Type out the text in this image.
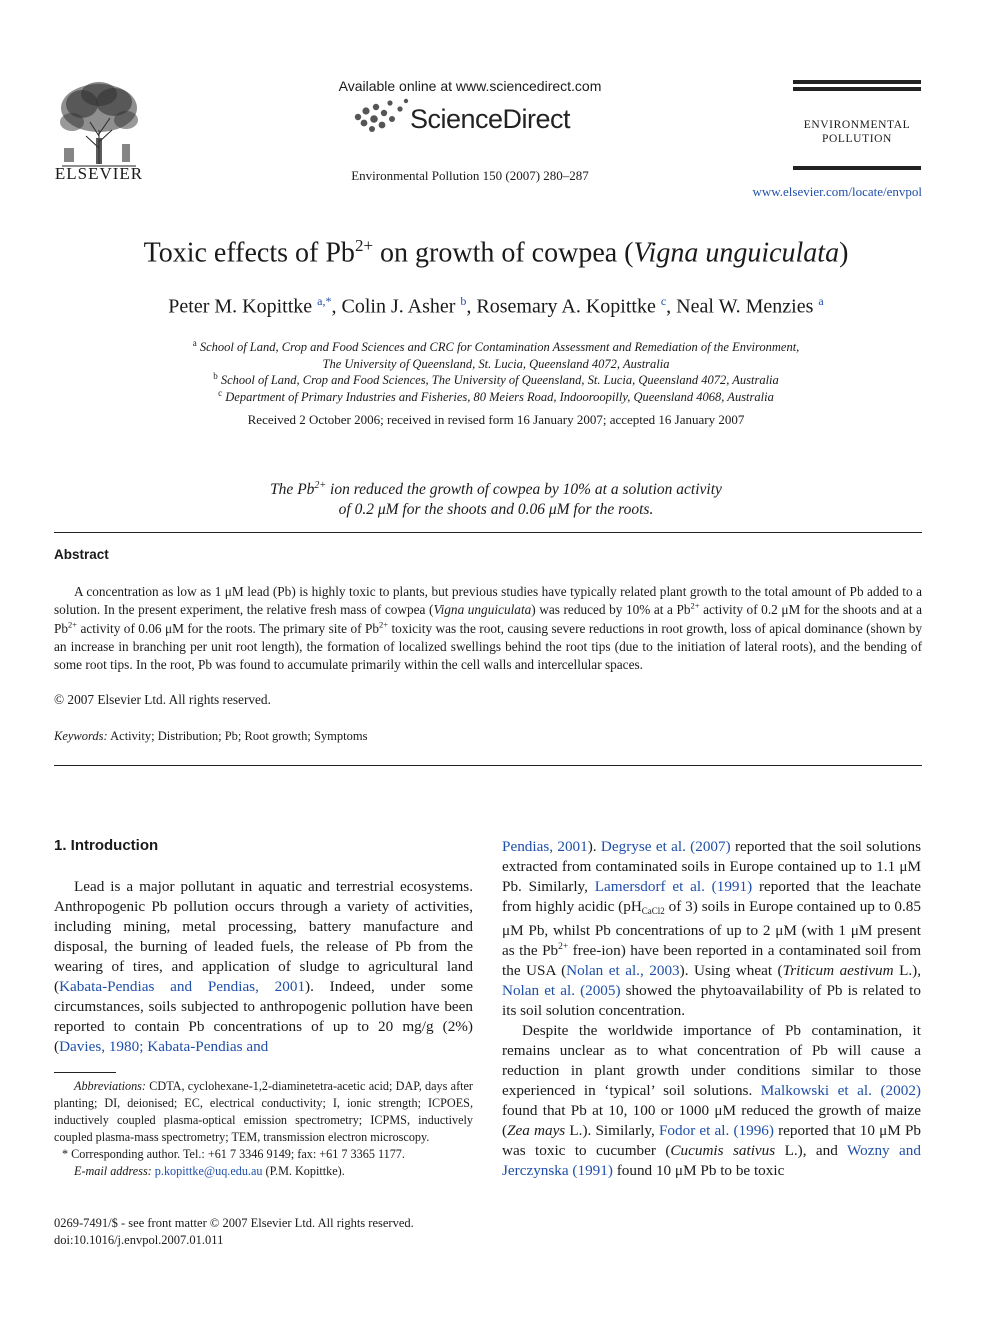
ELSEVIER
Available online at www.sciencedirect.com
ScienceDirect
Environmental Pollution 150 (2007) 280–287
ENVIRONMENTAL
POLLUTION
www.elsevier.com/locate/envpol
Toxic effects of $Pb^{2+}$ on growth of cowpea (Vigna unguiculata)
Peter M. Kopittke $^{a,*}$, Colin J. Asher $^b$, Rosemary A. Kopittke $^c$, Neal W. Menzies $^a$
$^a$ School of Land, Crop and Food Sciences and CRC for Contamination Assessment and Remediation of the Environment,
The University of Queensland, St. Lucia, Queensland 4072, Australia
$^b$ School of Land, Crop and Food Sciences, The University of Queensland, St. Lucia, Queensland 4072, Australia
$^c$ Department of Primary Industries and Fisheries, 80 Meiers Road, Indooroopilly, Queensland 4068, Australia
Received 2 October 2006; received in revised form 16 January 2007; accepted 16 January 2007
The $Pb^{2+}$ ion reduced the growth of cowpea by 10% at a solution activity
of 0.2 μM for the shoots and 0.06 μM for the roots.
Abstract
A concentration as low as 1 μM lead (Pb) is highly toxic to plants, but previous studies have typically related plant growth to the total amount of Pb added to a solution. In the present experiment, the relative fresh mass of cowpea (Vigna unguiculata) was reduced by 10% at a $Pb^{2+}$ activity of 0.2 μM for the shoots and at a $Pb^{2+}$ activity of 0.06 μM for the roots. The primary site of $Pb^{2+}$ toxicity was the root, causing severe reductions in root growth, loss of apical dominance (shown by an increase in branching per unit root length), the formation of localized swellings behind the root tips (due to the initiation of lateral roots), and the bending of some root tips. In the root, Pb was found to accumulate primarily within the cell walls and intercellular spaces.
© 2007 Elsevier Ltd. All rights reserved.
Keywords: Activity; Distribution; Pb; Root growth; Symptoms
1. Introduction

Lead is a major pollutant in aquatic and terrestrial ecosystems. Anthropogenic Pb pollution occurs through a variety of activities, including mining, metal processing, battery manufacture and disposal, the burning of leaded fuels, the release of Pb from the wearing of tires, and application of sludge to agricultural land (Kabata-Pendias and Pendias, 2001). Indeed, under some circumstances, soils subjected to anthropogenic pollution have been reported to contain Pb concentrations of up to 20 mg/g (2%) (Davies, 1980; Kabata-Pendias and

Pendias, 2001). Degryse et al. (2007) reported that the soil solutions extracted from contaminated soils in Europe contained up to 1.1 μM Pb. Similarly, Lamersdorf et al. (1991) reported that the leachate from highly acidic ($pH_{CaCl2}$ of 3) soils in Europe contained up to 0.85 μM Pb, whilst Pb concentrations of up to 2 μM (with 1 μM present as the $Pb^{2+}$ free-ion) have been reported in a contaminated soil from the USA (Nolan et al., 2003). Using wheat (Triticum aestivum L.), Nolan et al. (2005) showed the phytoavailability of Pb is related to its soil solution concentration.

Despite the worldwide importance of Pb contamination, it remains unclear as to what concentration of Pb will cause a reduction in plant growth under conditions similar to those experienced in ‘typical’ soil solutions. Malkowski et al. (2002) found that Pb at 10, 100 or 1000 μM reduced the growth of maize (Zea mays L.). Similarly, Fodor et al. (1996) reported that 10 μM Pb was toxic to cucumber (Cucumis sativus L.), and Wozny and Jerczynska (1991) found 10 μM Pb to be toxic

Abbreviations: CDTA, cyclohexane-1,2-diaminetetra-acetic acid; DAP, days after planting; DI, deionised; EC, electrical conductivity; I, ionic strength; ICPOES, inductively coupled plasma-optical emission spectrometry; ICPMS, inductively coupled plasma-mass spectrometry; TEM, transmission electron microscopy.

* Corresponding author. Tel.: +61 7 3346 9149; fax: +61 7 3365 1177.

E-mail address: p.kopittke@uq.edu.au (P.M. Kopittke).

0269-7491/$ - see front matter © 2007 Elsevier Ltd. All rights reserved.
doi:10.1016/j.envpol.2007.01.011
